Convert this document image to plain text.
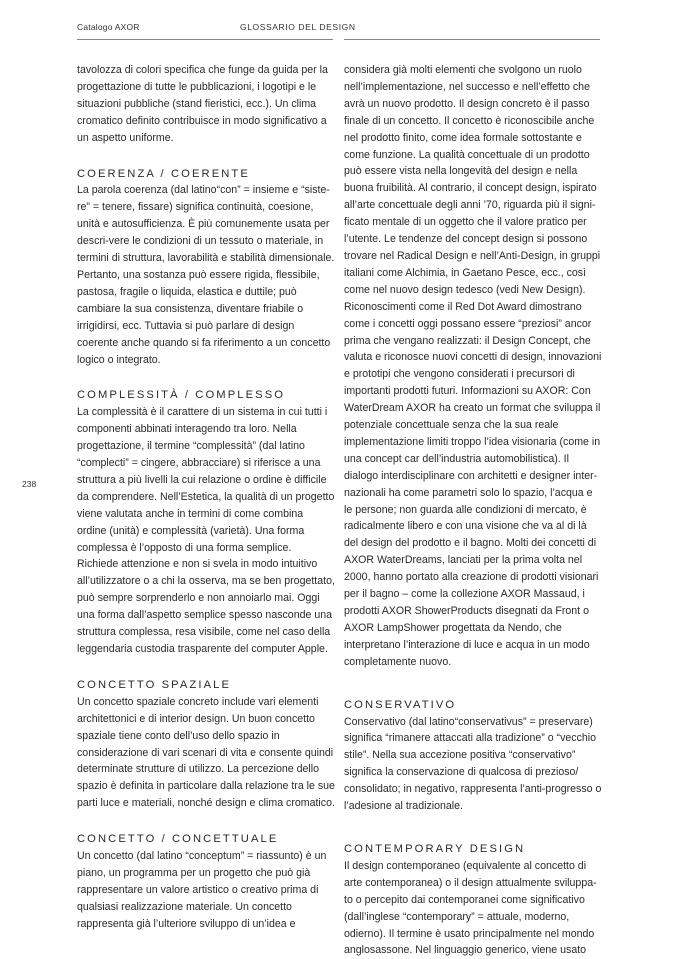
Catalogo AXOR	GLOSSARIO DEL DESIGN
238

tavolozza di colori specifica che funge da guida per la progettazione di tutte le pubblicazioni, i logotipi e le situazioni pubbliche (stand fieristici, ecc.). Un clima cromatico definito contribuisce in modo significativo a un aspetto uniforme.

COERENZA / COERENTE

La parola coerenza (dal latino“con” = insieme e “siste-re” = tenere, fissare) significa continuità, coesione, unità e autosufficienza. È più comunemente usata per descri-vere le condizioni di un tessuto o materiale, in termini di struttura, lavorabilità e stabilità dimensionale. Pertanto, una sostanza può essere rigida, flessibile, pastosa, fragile o liquida, elastica e duttile; può cambiare la sua consistenza, diventare friabile o irrigidirsi, ecc. Tuttavia si può parlare di design coerente anche quando si fa riferimento a un concetto logico o integrato.

COMPLESSITÀ / COMPLESSO

La complessità è il carattere di un sistema in cui tutti i componenti abbinati interagendo tra loro. Nella progettazione, il termine “complessità” (dal latino “complecti” = cingere, abbracciare) si riferisce a una struttura a più livelli la cui relazione o ordine è difficile da comprendere. Nell’Estetica, la qualità di un progetto viene valutata anche in termini di come combina ordine (unità) e complessità (varietà). Una forma complessa è l’opposto di una forma semplice. Richiede attenzione e non si svela in modo intuitivo all’utilizzatore o a chi la osserva, ma se ben progettato, può sempre sorprenderlo e non annoiarlo mai. Oggi una forma dall’aspetto semplice spesso nasconde una struttura complessa, resa visibile, come nel caso della leggendaria custodia trasparente del computer Apple.

CONCETTO SPAZIALE

Un concetto spaziale concreto include vari elementi architettonici e di interior design. Un buon concetto spaziale tiene conto dell’uso dello spazio in considerazione di vari scenari di vita e consente quindi determinate strutture di utilizzo. La percezione dello spazio è definita in particolare dalla relazione tra le sue parti luce e materiali, nonché design e clima cromatico.

CONCETTO / CONCETTUALE

Un concetto (dal latino “conceptum” = riassunto) è un piano, un programma per un progetto che può già rappresentare un valore artistico o creativo prima di qualsiasi realizzazione materiale. Un concetto rappresenta già l’ulteriore sviluppo di un’idea e

considera già molti elementi che svolgono un ruolo nell’implementazione, nel successo e nell’effetto che avrà un nuovo prodotto. Il design concreto è il passo finale di un concetto. Il concetto è riconoscibile anche nel prodotto finito, come idea formale sottostante e come funzione. La qualità concettuale di un prodotto può essere vista nella longevità del design e nella buona fruibilità. Al contrario, il concept design, ispirato all’arte concettuale degli anni ’70, riguarda più il signi-ficato mentale di un oggetto che il valore pratico per l’utente. Le tendenze del concept design si possono trovare nel Radical Design e nell’Anti-Design, in gruppi italiani come Alchimia, in Gaetano Pesce, ecc., così come nel nuovo design tedesco (vedi New Design). Riconoscimenti come il Red Dot Award dimostrano come i concetti oggi possano essere “preziosi” ancor prima che vengano realizzati: il Design Concept, che valuta e riconosce nuovi concetti di design, innovazioni e prototipi che vengono considerati i precursori di importanti prodotti futuri. Informazioni su AXOR: Con WaterDream AXOR ha creato un format che sviluppa il potenziale concettuale senza che la sua reale implementazione limiti troppo l’idea visionaria (come in una concept car dell’industria automobilistica). Il dialogo interdisciplinare con architetti e designer inter-nazionali ha come parametri solo lo spazio, l’acqua e le persone; non guarda alle condizioni di mercato, è radicalmente libero e con una visione che va al di là del design del prodotto e il bagno. Molti dei concetti di AXOR WaterDreams, lanciati per la prima volta nel 2000, hanno portato alla creazione di prodotti visionari per il bagno – come la collezione AXOR Massaud, i prodotti AXOR ShowerProducts disegnati da Front o AXOR LampShower progettata da Nendo, che interpretano l’interazione di luce e acqua in un modo completamente nuovo.

CONSERVATIVO

Conservativo (dal latino“conservativus” = preservare) significa “rimanere attaccati alla tradizione” o “vecchio stile”. Nella sua accezione positiva “conservativo” significa la conservazione di qualcosa di prezioso/ consolidato; in negativo, rappresenta l’anti-progresso o l’adesione al tradizionale.

CONTEMPORARY DESIGN

Il design contemporaneo (equivalente al concetto di arte contemporanea) o il design attualmente sviluppa-to o percepito dai contemporanei come significativo (dall’inglese “contemporary” = attuale, moderno, odierno). Il termine è usato principalmente nel mondo anglosassone. Nel linguaggio generico, viene usato
